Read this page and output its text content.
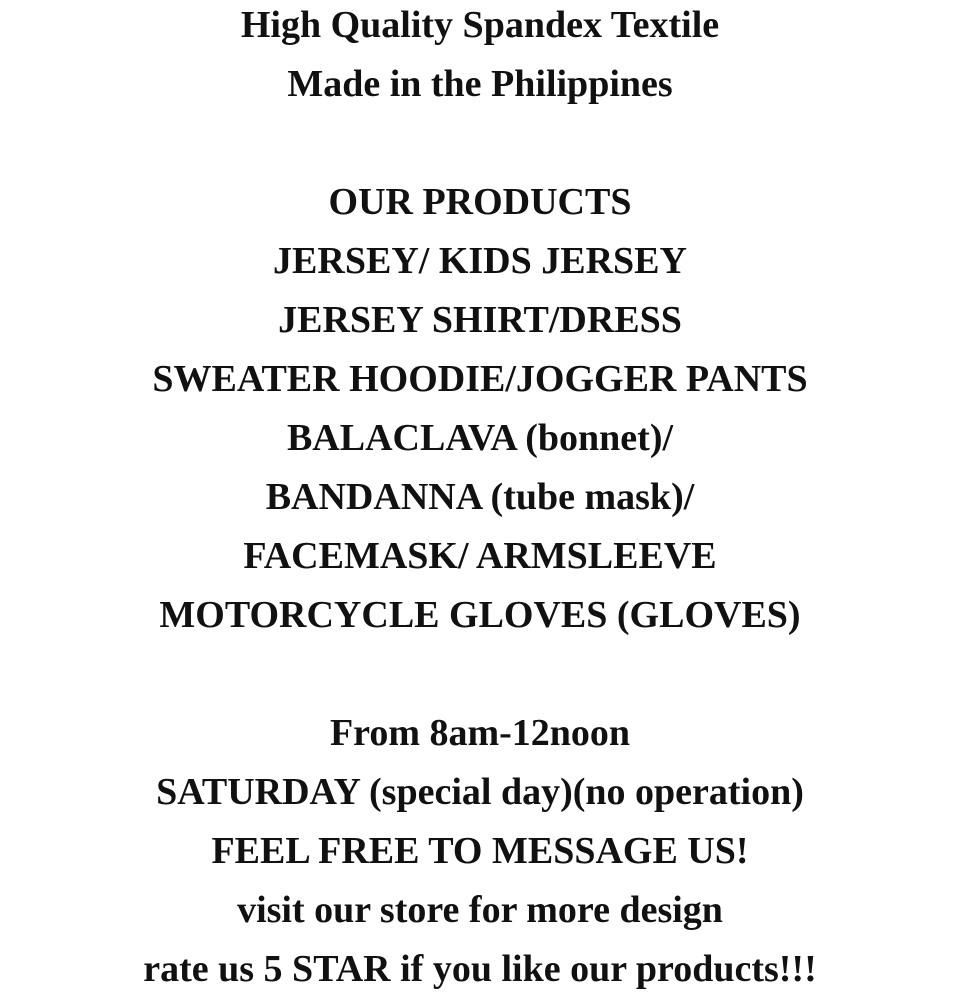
High Quality Spandex Textile
Made in the Philippines
OUR PRODUCTS
JERSEY/ KIDS JERSEY
JERSEY SHIRT/DRESS
SWEATER HOODIE/JOGGER PANTS
BALACLAVA (bonnet)/
BANDANNA (tube mask)/
FACEMASK/ ARMSLEEVE
MOTORCYCLE GLOVES (GLOVES)
From 8am-12noon
SATURDAY (special day)(no operation)
FEEL FREE TO MESSAGE US!
visit our store for more design
rate us 5 STAR if you like our products!!!
